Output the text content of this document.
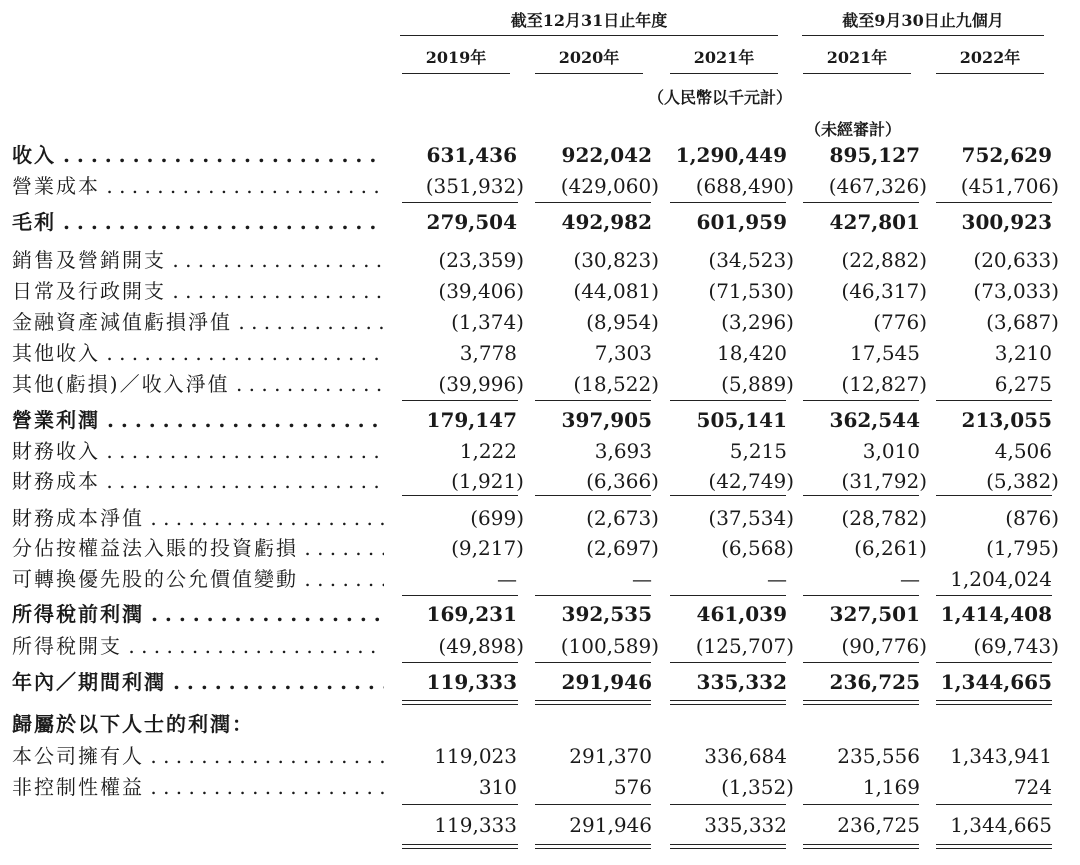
截至12月31日止年度	截至9月30日止九個月
2019年	2020年	2021年	2021年	2022年
（人民幣以千元計）
（未經審計）
收入 . . .	631,436 922,042 1,290,449 895,127 752,629
營業成本 . . .	(351,932) (429,060) (688,490) (467,326) (451,706)
毛利 . . .	279,504 492,982 601,959 427,801 300,923
銷售及營銷開支 . . .	(23,359) (30,823) (34,523) (22,882) (20,633)
日常及行政開支 . . .	(39,406) (44,081) (71,530) (46,317) (73,033)
金融資產減值虧損淨值 . . .	(1,374)	(8,954)	(3,296)	(776)	(3,687)
其他收入 . . .	3,778	7,303	18,420	17,545	3,210
其他(虧損)／收入淨值 . . .	(39,996) (18,522)	(5,889) (12,827)	6,275
營業利潤 . . .	179,147 397,905 505,141 362,544 213,055
財務收入 . . .	1,222	3,693	5,215	3,010	4,506
財務成本 . . .	(1,921)	(6,366) (42,749) (31,792)	(5,382)
財務成本淨值 . . .	(699)	(2,673) (37,534) (28,782)	(876)
分佔按權益法入賬的投資虧損 . . .	(9,217)	(2,697)	(6,568)	(6,261)	(1,795)
可轉換優先股的公允價值變動 . . .	—	—	—	— 1,204,024
所得稅前利潤 . . .	169,231 392,535 461,039 327,501 1,414,408
所得稅開支 . . .	(49,898) (100,589) (125,707) (90,776) (69,743)
年內／期間利潤 . . .	119,333 291,946 335,332 236,725 1,344,665
歸屬於以下人士的利潤：
本公司擁有人 . . .	119,023	291,370	336,684	235,556 1,343,941
非控制性權益 . . .	310	576	(1,352)	1,169	724
119,333	291,946	335,332	236,725 1,344,665
